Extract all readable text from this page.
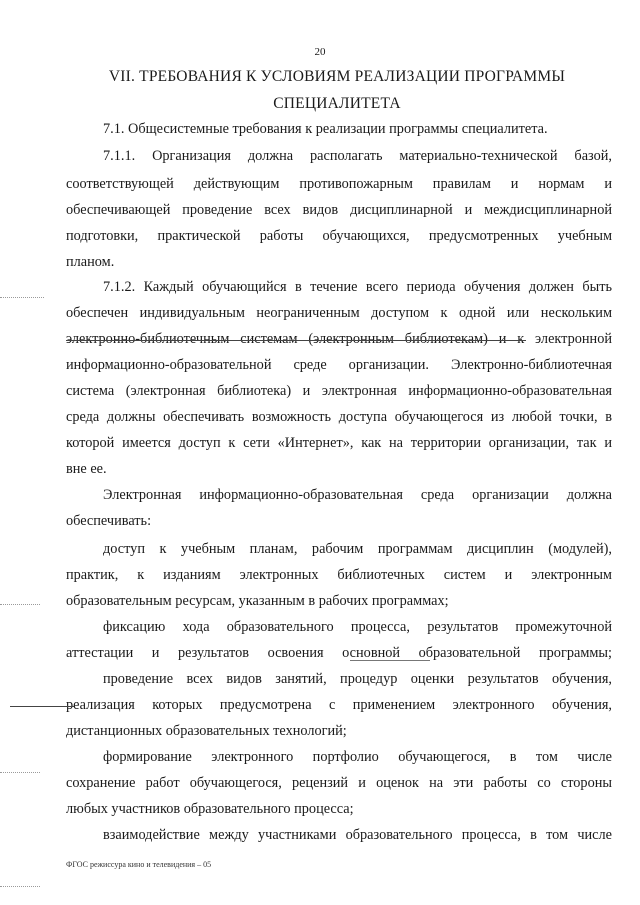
20
VII. ТРЕБОВАНИЯ К УСЛОВИЯМ РЕАЛИЗАЦИИ ПРОГРАММЫ
СПЕЦИАЛИТЕТА
7.1. Общесистемные требования к реализации программы специалитета.
7.1.1. Организация должна располагать материально-технической базой,
соответствующей действующим противопожарным правилам и нормам и
обеспечивающей проведение всех видов дисциплинарной и междисциплинарной
подготовки, практической работы обучающихся, предусмотренных учебным
планом.
7.1.2. Каждый обучающийся в течение всего периода обучения должен быть
обеспечен индивидуальным неограниченным доступом к одной или нескольким
электронно-библиотечным системам (электронным библиотекам) и к электронной
информационно-образовательной среде организации. Электронно-библиотечная
система (электронная библиотека) и электронная информационно-образовательная
среда должны обеспечивать возможность доступа обучающегося из любой точки, в
которой имеется доступ к сети «Интернет», как на территории организации, так и
вне ее.
Электронная информационно-образовательная среда организации должна
обеспечивать:
доступ к учебным планам, рабочим программам дисциплин (модулей),
практик, к изданиям электронных библиотечных систем и электронным
образовательным ресурсам, указанным в рабочих программах;
фиксацию хода образовательного процесса, результатов промежуточной
аттестации и результатов освоения основной образовательной программы;
проведение всех видов занятий, процедур оценки результатов обучения,
реализация которых предусмотрена с применением электронного обучения,
дистанционных образовательных технологий;
формирование электронного портфолио обучающегося, в том числе
сохранение работ обучающегося, рецензий и оценок на эти работы со стороны
любых участников образовательного процесса;
взаимодействие между участниками образовательного процесса, в том числе
ФГОС режиссура кино и телевидения – 05
